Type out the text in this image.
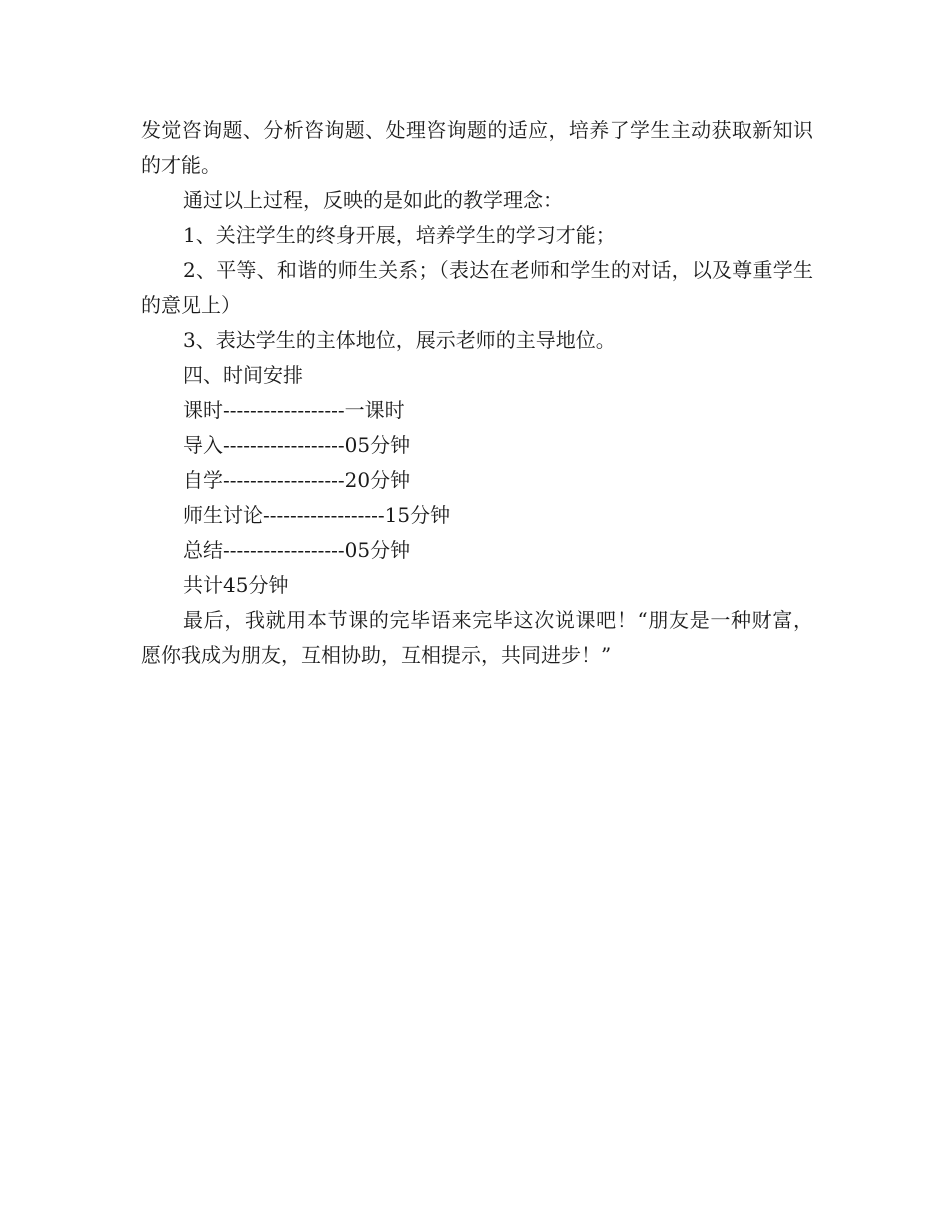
发觉咨询题、分析咨询题、处理咨询题的适应，培养了学生主动获取新知识的才能。

通过以上过程，反映的是如此的教学理念：

1、关注学生的终身开展，培养学生的学习才能；

2、平等、和谐的师生关系；（表达在老师和学生的对话，以及尊重学生的意见上）

3、表达学生的主体地位，展示老师的主导地位。

四、时间安排

课时------------------一课时

导入------------------05分钟

自学------------------20分钟

师生讨论------------------15分钟

总结------------------05分钟

共计45分钟

最后，我就用本节课的完毕语来完毕这次说课吧！“朋友是一种财富，愿你我成为朋友，互相协助，互相提示，共同进步！”
